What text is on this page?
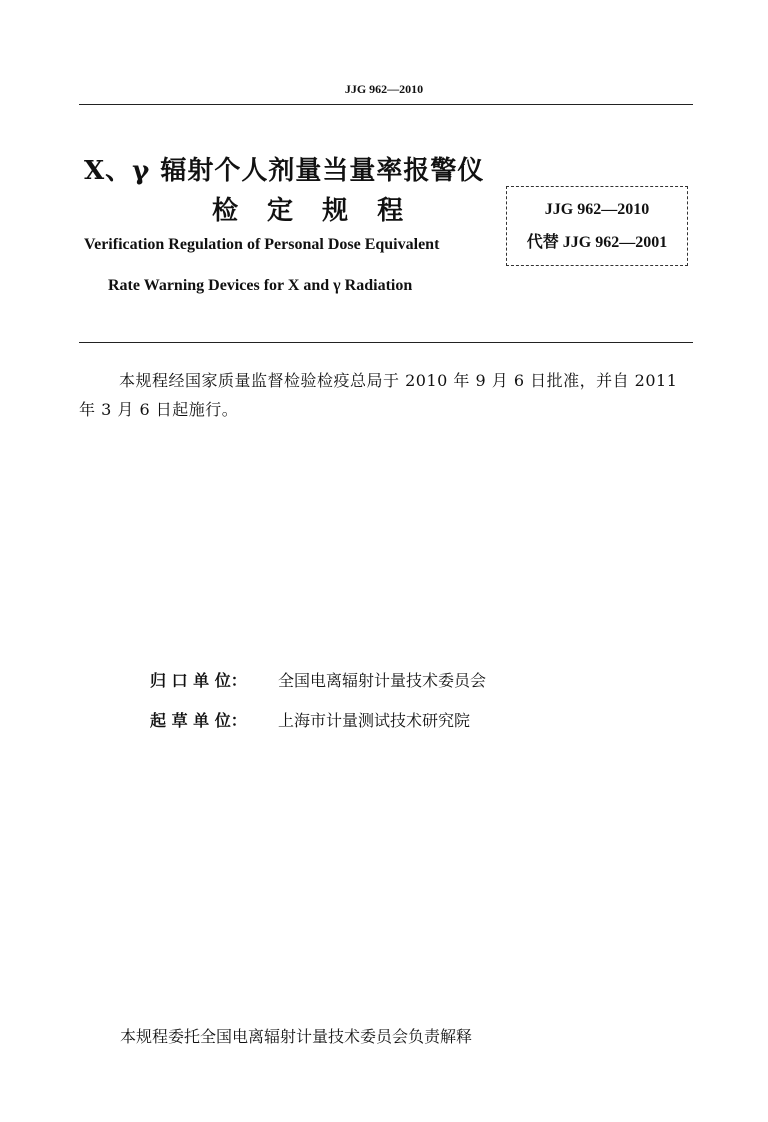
JJG 962—2010
X、γ 辐射个人剂量当量率报警仪
检 定 规 程
Verification Regulation of Personal Dose Equivalent
Rate Warning Devices for X and γ Radiation
JJG 962—2010
代替 JJG 962—2001
本规程经国家质量监督检验检疫总局于 2010 年 9 月 6 日批准，并自 2011 年 3 月 6 日起施行。
归 口 单 位： 全国电离辐射计量技术委员会
起 草 单 位： 上海市计量测试技术研究院
本规程委托全国电离辐射计量技术委员会负责解释
